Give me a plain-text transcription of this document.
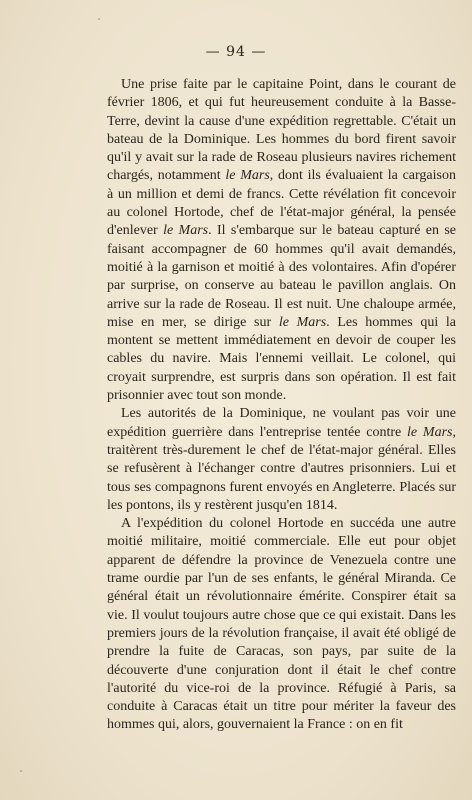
— 94 —

Une prise faite par le capitaine Point, dans le courant de février 1806, et qui fut heureusement conduite à la Basse-Terre, devint la cause d'une expédition regrettable. C'était un bateau de la Dominique. Les hommes du bord firent savoir qu'il y avait sur la rade de Roseau plusieurs navires richement chargés, notamment le Mars, dont ils évaluaient la cargaison à un million et demi de francs. Cette révélation fit concevoir au colonel Hortode, chef de l'état-major général, la pensée d'enlever le Mars. Il s'embarque sur le bateau capturé en se faisant accompagner de 60 hommes qu'il avait demandés, moitié à la garnison et moitié à des volontaires. Afin d'opérer par surprise, on conserve au bateau le pavillon anglais. On arrive sur la rade de Roseau. Il est nuit. Une chaloupe armée, mise en mer, se dirige sur le Mars. Les hommes qui la montent se mettent immédiatement en devoir de couper les cables du navire. Mais l'ennemi veillait. Le colonel, qui croyait surprendre, est surpris dans son opération. Il est fait prisonnier avec tout son monde.

Les autorités de la Dominique, ne voulant pas voir une expédition guerrière dans l'entreprise tentée contre le Mars, traitèrent très-durement le chef de l'état-major général. Elles se refusèrent à l'échanger contre d'autres prisonniers. Lui et tous ses compagnons furent envoyés en Angleterre. Placés sur les pontons, ils y restèrent jusqu'en 1814.

A l'expédition du colonel Hortode en succéda une autre moitié militaire, moitié commerciale. Elle eut pour objet apparent de défendre la province de Venezuela contre une trame ourdie par l'un de ses enfants, le général Miranda. Ce général était un révolutionnaire émérite. Conspirer était sa vie. Il voulut toujours autre chose que ce qui existait. Dans les premiers jours de la révolution française, il avait été obligé de prendre la fuite de Caracas, son pays, par suite de la découverte d'une conjuration dont il était le chef contre l'autorité du vice-roi de la province. Réfugié à Paris, sa conduite à Caracas était un titre pour mériter la faveur des hommes qui, alors, gouvernaient la France : on en fit
